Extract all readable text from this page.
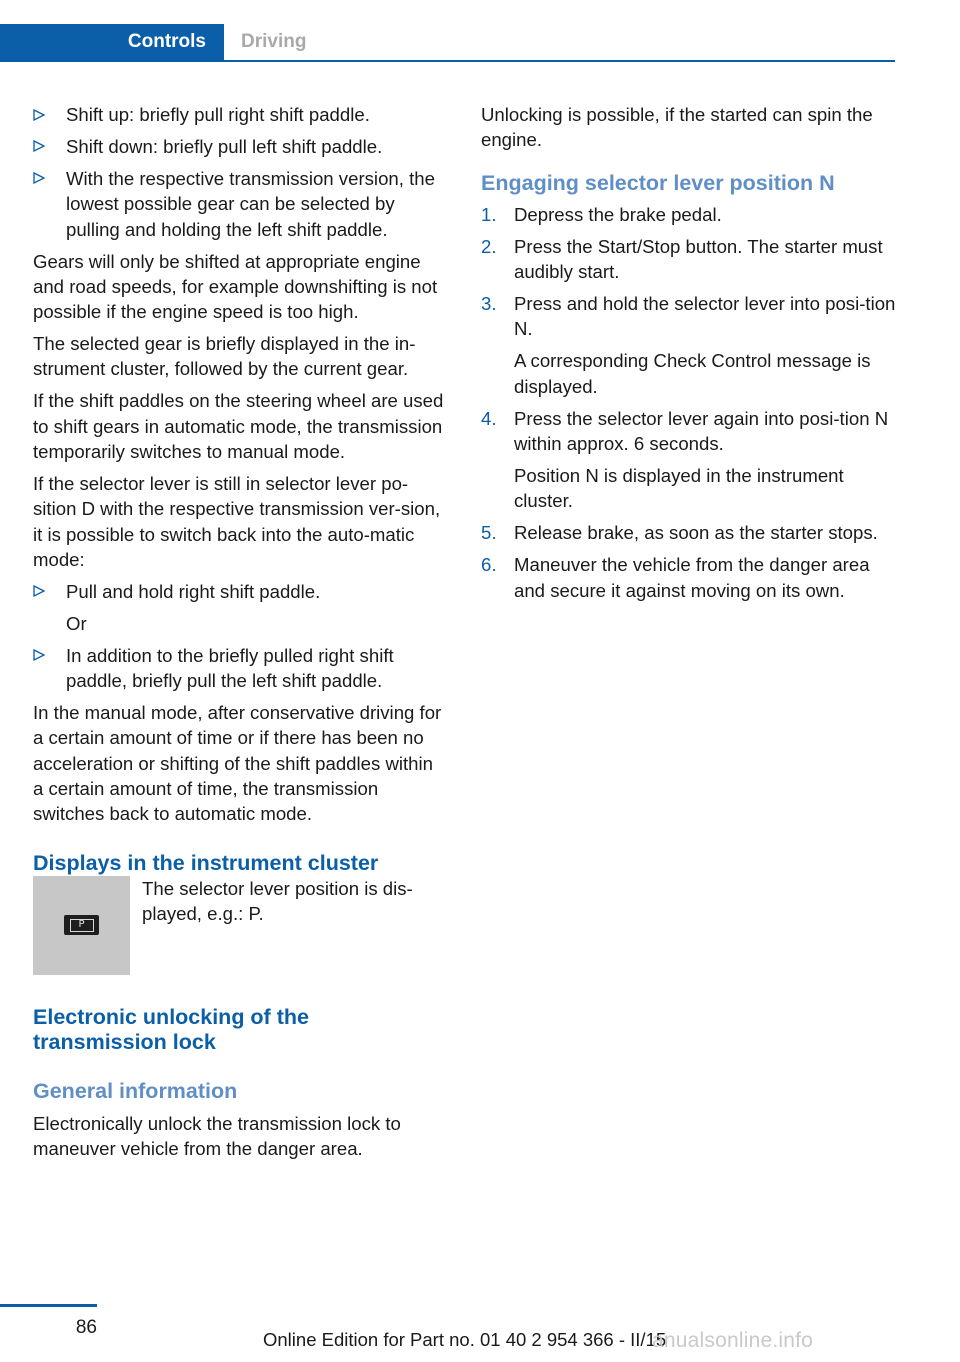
Controls	Driving
Shift up: briefly pull right shift paddle.
Shift down: briefly pull left shift paddle.
With the respective transmission version, the lowest possible gear can be selected by pulling and holding the left shift paddle.
Gears will only be shifted at appropriate engine and road speeds, for example downshifting is not possible if the engine speed is too high.
The selected gear is briefly displayed in the in‐strument cluster, followed by the current gear.
If the shift paddles on the steering wheel are used to shift gears in automatic mode, the transmission temporarily switches to manual mode.
If the selector lever is still in selector lever po‐sition D with the respective transmission ver‐sion, it is possible to switch back into the auto‐matic mode:
Pull and hold right shift paddle.
Or
In addition to the briefly pulled right shift paddle, briefly pull the left shift paddle.
In the manual mode, after conservative driving for a certain amount of time or if there has been no acceleration or shifting of the shift paddles within a certain amount of time, the transmission switches back to automatic mode.
Displays in the instrument cluster
P
The selector lever position is dis‐played, e.g.: P.
Electronic unlocking of the
transmission lock
General information
Electronically unlock the transmission lock to maneuver vehicle from the danger area.
Unlocking is possible, if the started can spin the engine.
Engaging selector lever position N
1. Depress the brake pedal.
2. Press the Start/Stop button. The starter must audibly start.
3. Press and hold the selector lever into posi‐tion N.
A corresponding Check Control message is displayed.
4. Press the selector lever again into posi‐tion N within approx. 6 seconds.
Position N is displayed in the instrument cluster.
5. Release brake, as soon as the starter stops.
6. Maneuver the vehicle from the danger area and secure it against moving on its own.
86
Online Edition for Part no. 01 40 2 954 366 - II/15
anualsonline.info
